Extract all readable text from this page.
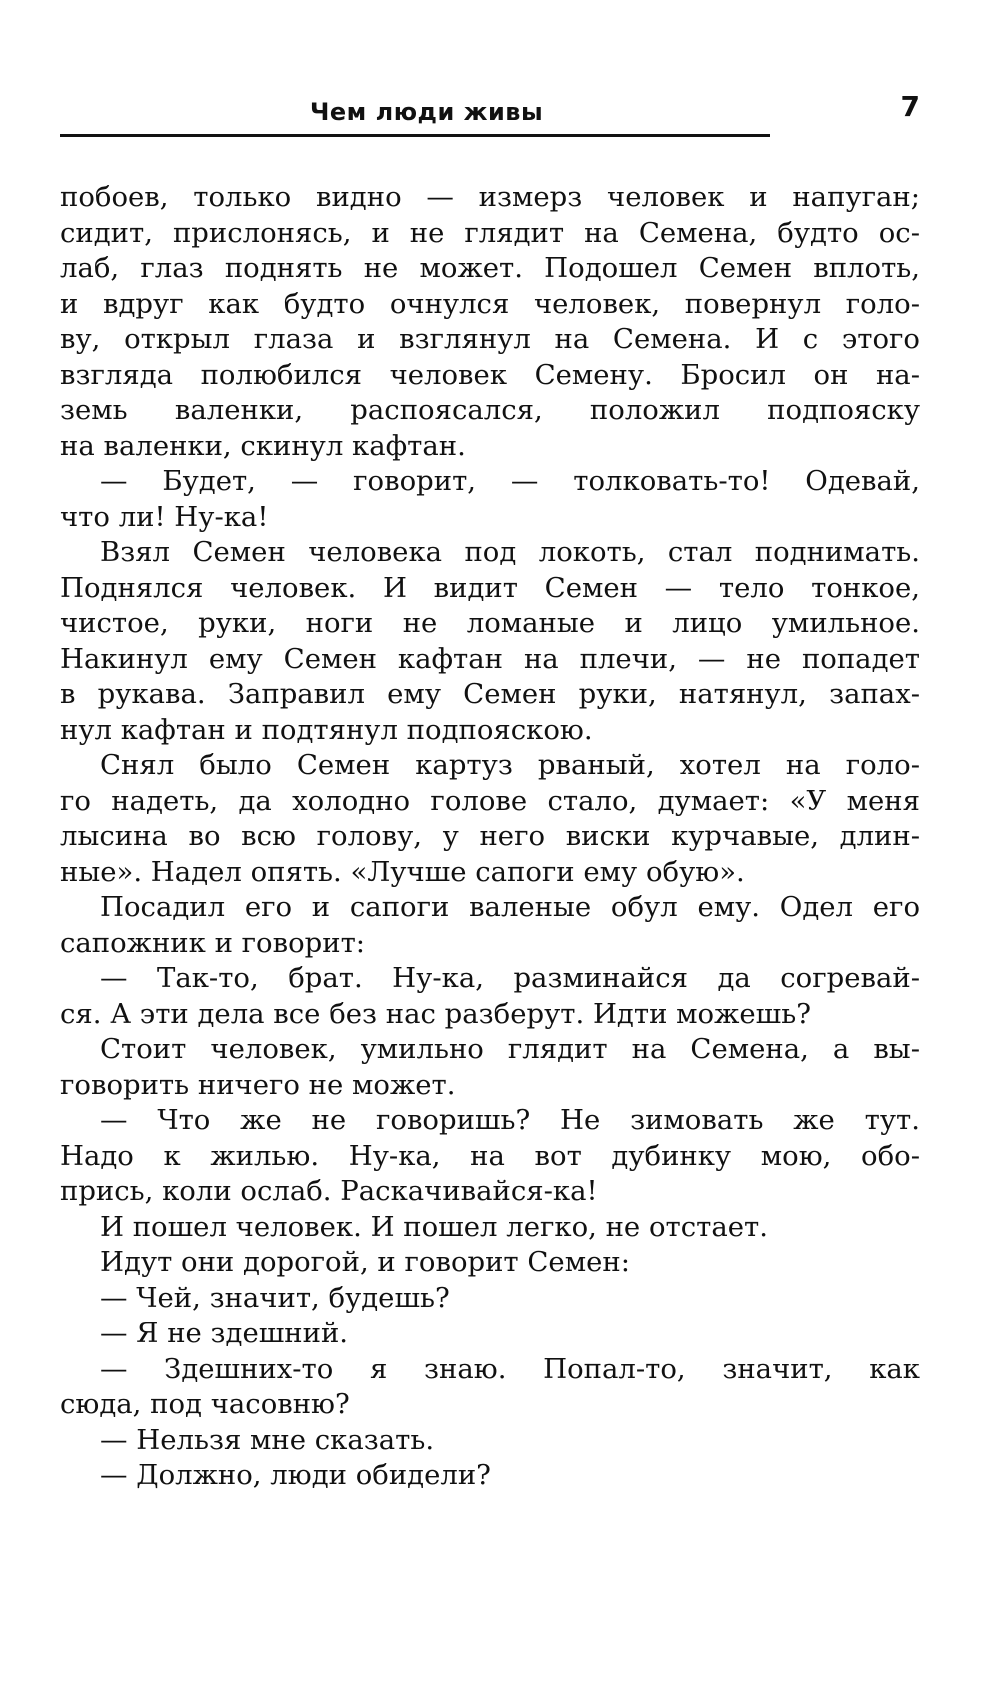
Чем люди живы	7
побоев, только видно — измерз человек и напуган;
сидит, прислонясь, и не глядит на Семена, будто ос-
лаб, глаз поднять не может. Подошел Семен вплоть,
и вдруг как будто очнулся человек, повернул голо-
ву, открыл глаза и взглянул на Семена. И с этого
взгляда полюбился человек Семену. Бросил он на-
земь валенки, распоясался, положил подпояску
на валенки, скинул кафтан.
— Будет, — говорит, — толковать-то! Одевай,
что ли! Ну-ка!
Взял Семен человека под локоть, стал поднимать.
Поднялся человек. И видит Семен — тело тонкое,
чистое, руки, ноги не ломаные и лицо умильное.
Накинул ему Семен кафтан на плечи, — не попадет
в рукава. Заправил ему Семен руки, натянул, запах-
нул кафтан и подтянул подпояскою.
Снял было Семен картуз рваный, хотел на голо-
го надеть, да холодно голове стало, думает: «У меня
лысина во всю голову, у него виски курчавые, длин-
ные». Надел опять. «Лучше сапоги ему обую».
Посадил его и сапоги валеные обул ему. Одел его
сапожник и говорит:
— Так-то, брат. Ну-ка, разминайся да согревай-
ся. А эти дела все без нас разберут. Идти можешь?
Стоит человек, умильно глядит на Семена, а вы-
говорить ничего не может.
— Что же не говоришь? Не зимовать же тут.
Надо к жилью. Ну-ка, на вот дубинку мою, обо-
прись, коли ослаб. Раскачивайся-ка!
И пошел человек. И пошел легко, не отстает.
Идут они дорогой, и говорит Семен:
— Чей, значит, будешь?
— Я не здешний.
— Здешних-то я знаю. Попал-то, значит, как
сюда, под часовню?
— Нельзя мне сказать.
— Должно, люди обидели?
